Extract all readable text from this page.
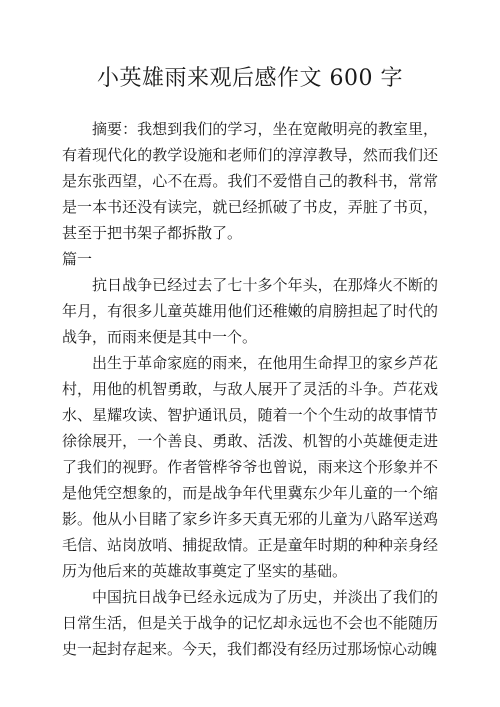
小英雄雨来观后感作文 600 字

摘要：我想到我们的学习，坐在宽敞明亮的教室里，有着现代化的教学设施和老师们的淳淳教导，然而我们还是东张西望，心不在焉。我们不爱惜自己的教科书，常常是一本书还没有读完，就已经抓破了书皮，弄脏了书页，甚至于把书架子都拆散了。

篇一

抗日战争已经过去了七十多个年头，在那烽火不断的年月，有很多儿童英雄用他们还稚嫩的肩膀担起了时代的战争，而雨来便是其中一个。

出生于革命家庭的雨来，在他用生命捍卫的家乡芦花村，用他的机智勇敢，与敌人展开了灵活的斗争。芦花戏水、星耀攻读、智护通讯员，随着一个个生动的故事情节徐徐展开，一个善良、勇敢、活泼、机智的小英雄便走进了我们的视野。作者管桦爷爷也曾说，雨来这个形象并不是他凭空想象的，而是战争年代里冀东少年儿童的一个缩影。他从小目睹了家乡许多天真无邪的儿童为八路军送鸡毛信、站岗放哨、捕捉敌情。正是童年时期的种种亲身经历为他后来的英雄故事奠定了坚实的基础。

中国抗日战争已经永远成为了历史，并淡出了我们的日常生活，但是关于战争的记忆却永远也不会也不能随历史一起封存起来。今天，我们都没有经历过那场惊心动魄
